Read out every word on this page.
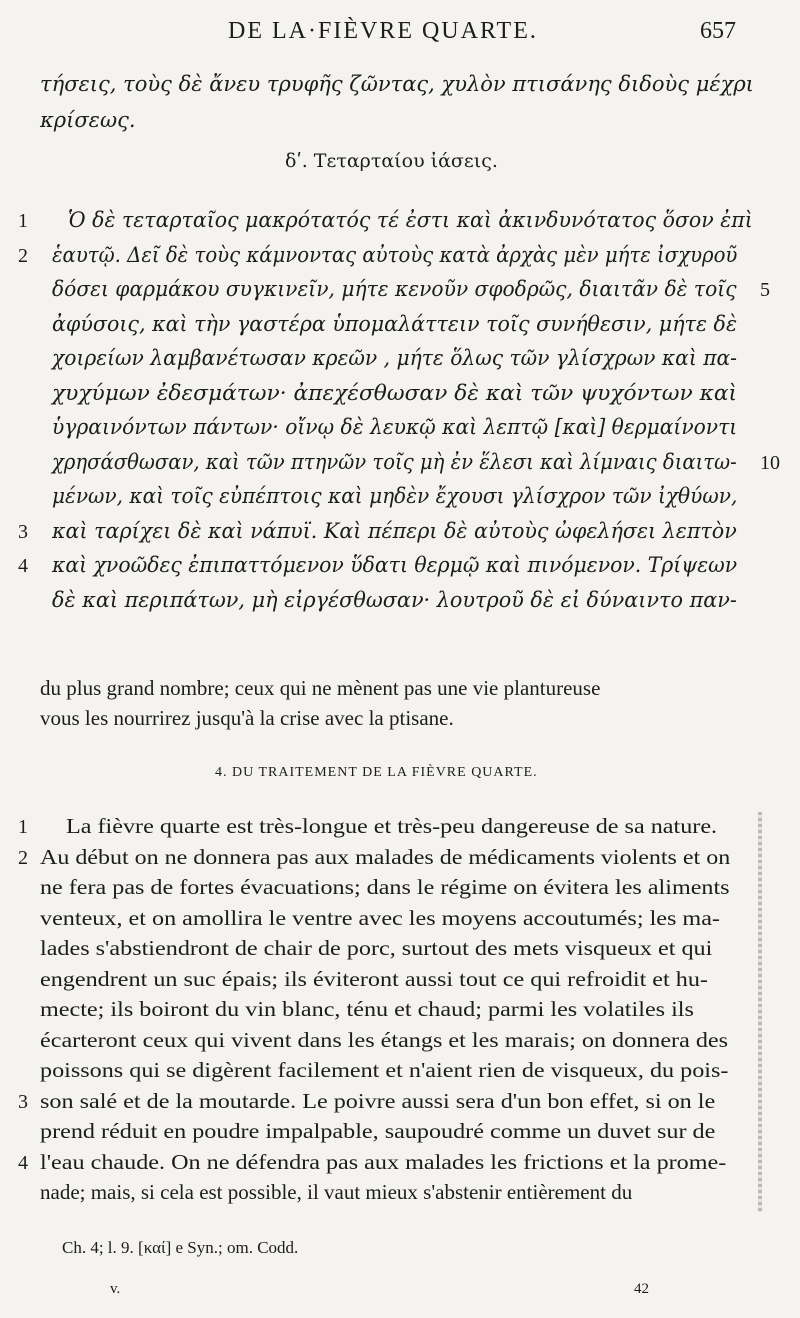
DE LA·FIÈVRE QUARTE.	657
τήσεις, τοὺς δὲ ἄνευ τρυφῆς ζῶντας, χυλὸν πτισάνης διδοὺς μέχρι
κρίσεως.
δʹ. Τεταρταίου ἰάσεις.
Ὁ δὲ τεταρταῖος μακρότατός τέ ἐστι καὶ ἀκινδυνότατος ὅσον ἐπὶ
ἑαυτῷ. Δεῖ δὲ τοὺς κάμνοντας αὐτοὺς κατὰ ἀρχὰς μὲν μήτε ἰσχυροῦ
δόσει φαρμάκου συγκινεῖν, μήτε κενοῦν σφοδρῶς, διαιτᾶν δὲ τοῖς
ἀφύσοις, καὶ τὴν γαστέρα ὑπομαλάττειν τοῖς συνήθεσιν, μήτε δὲ
χοιρείων λαμβανέτωσαν κρεῶν , μήτε ὅλως τῶν γλίσχρων καὶ πα-
χυχύμων ἐδεσμάτων· ἀπεχέσθωσαν δὲ καὶ τῶν ψυχόντων καὶ
ὑγραινόντων πάντων· οἴνῳ δὲ λευκῷ καὶ λεπτῷ [καὶ] θερμαίνοντι
χρησάσθωσαν, καὶ τῶν πτηνῶν τοῖς μὴ ἐν ἕλεσι καὶ λίμναις διαιτω-
μένων, καὶ τοῖς εὐπέπτοις καὶ μηδὲν ἔχουσι γλίσχρον τῶν ἰχθύων,
καὶ ταρίχει δὲ καὶ νάπυϊ. Καὶ πέπερι δὲ αὐτοὺς ὠφελήσει λεπτὸν
καὶ χνοῶδες ἐπιπαττόμενον ὕδατι θερμῷ καὶ πινόμενον. Τρίψεων
δὲ καὶ περιπάτων, μὴ εἰργέσθωσαν· λουτροῦ δὲ εἰ δύναιντο παν-
1
2
3
4
5
10
du plus grand nombre; ceux qui ne mènent pas une vie plantureuse
vous les nourrirez jusqu'à la crise avec la ptisane.
4. DU TRAITEMENT DE LA FIÈVRE QUARTE.
La fièvre quarte est très-longue et très-peu dangereuse de sa nature.
Au début on ne donnera pas aux malades de médicaments violents et on
ne fera pas de fortes évacuations; dans le régime on évitera les aliments
venteux, et on amollira le ventre avec les moyens accoutumés; les ma-
lades s'abstiendront de chair de porc, surtout des mets visqueux et qui
engendrent un suc épais; ils éviteront aussi tout ce qui refroidit et hu-
mecte; ils boiront du vin blanc, ténu et chaud; parmi les volatiles ils
écarteront ceux qui vivent dans les étangs et les marais; on donnera des
poissons qui se digèrent facilement et n'aient rien de visqueux, du pois-
son salé et de la moutarde. Le poivre aussi sera d'un bon effet, si on le
prend réduit en poudre impalpable, saupoudré comme un duvet sur de
l'eau chaude. On ne défendra pas aux malades les frictions et la prome-
nade; mais, si cela est possible, il vaut mieux s'abstenir entièrement du
1
2
3
4
Ch. 4; l. 9. [καί] e Syn.; om. Codd.
v.	42
